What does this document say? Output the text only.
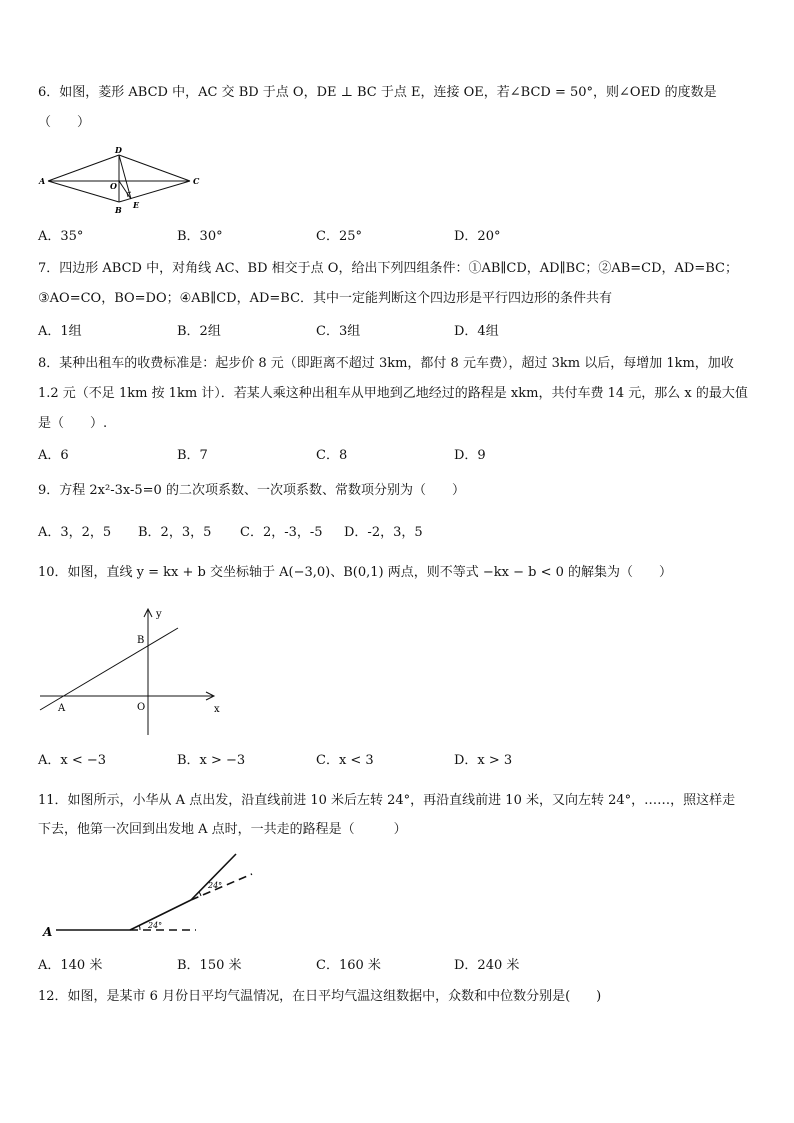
6．如图，菱形 ABCD 中，AC 交 BD 于点 O，DE ⊥ BC 于点 E，连接 OE，若∠BCD = 50°，则∠OED 的度数是
（　　）
A
D
C
O
B E
A．35°	B．30°	C．25°	D．20°
7．四边形 ABCD 中，对角线 AC、BD 相交于点 O，给出下列四组条件：①AB∥CD，AD∥BC；②AB=CD，AD=BC；
③AO=CO，BO=DO；④AB∥CD，AD=BC．其中一定能判断这个四边形是平行四边形的条件共有
A．1组	B．2组	C．3组	D．4组
8．某种出租车的收费标准是：起步价 8 元（即距离不超过 3km，都付 8 元车费），超过 3km 以后，每增加 1km，加收
1.2 元（不足 1km 按 1km 计）．若某人乘这种出租车从甲地到乙地经过的路程是 xkm，共付车费 14 元，那么 x 的最大值
是（　　）.
A．6	B．7	C．8	D．9
9．方程 2x²-3x-5=0 的二次项系数、一次项系数、常数项分别为（　　）
A．3，2，5 B．2，3，5 C．2，-3，-5 D．-2，3，5
10．如图，直线 y = kx + b 交坐标轴于 A(−3,0)、B(0,1) 两点，则不等式 −kx − b < 0 的解集为（　　）
y
x
B
A	O
A．x < −3	B．x > −3	C．x < 3	D．x > 3
11．如图所示，小华从 A 点出发，沿直线前进 10 米后左转 24°，再沿直线前进 10 米，又向左转 24°，……，照这样走
下去，他第一次回到出发地 A 点时，一共走的路程是（　　　）
A	24°
24°
A．140 米	B．150 米	C．160 米	D．240 米
12．如图，是某市 6 月份日平均气温情况，在日平均气温这组数据中，众数和中位数分别是(　　)
